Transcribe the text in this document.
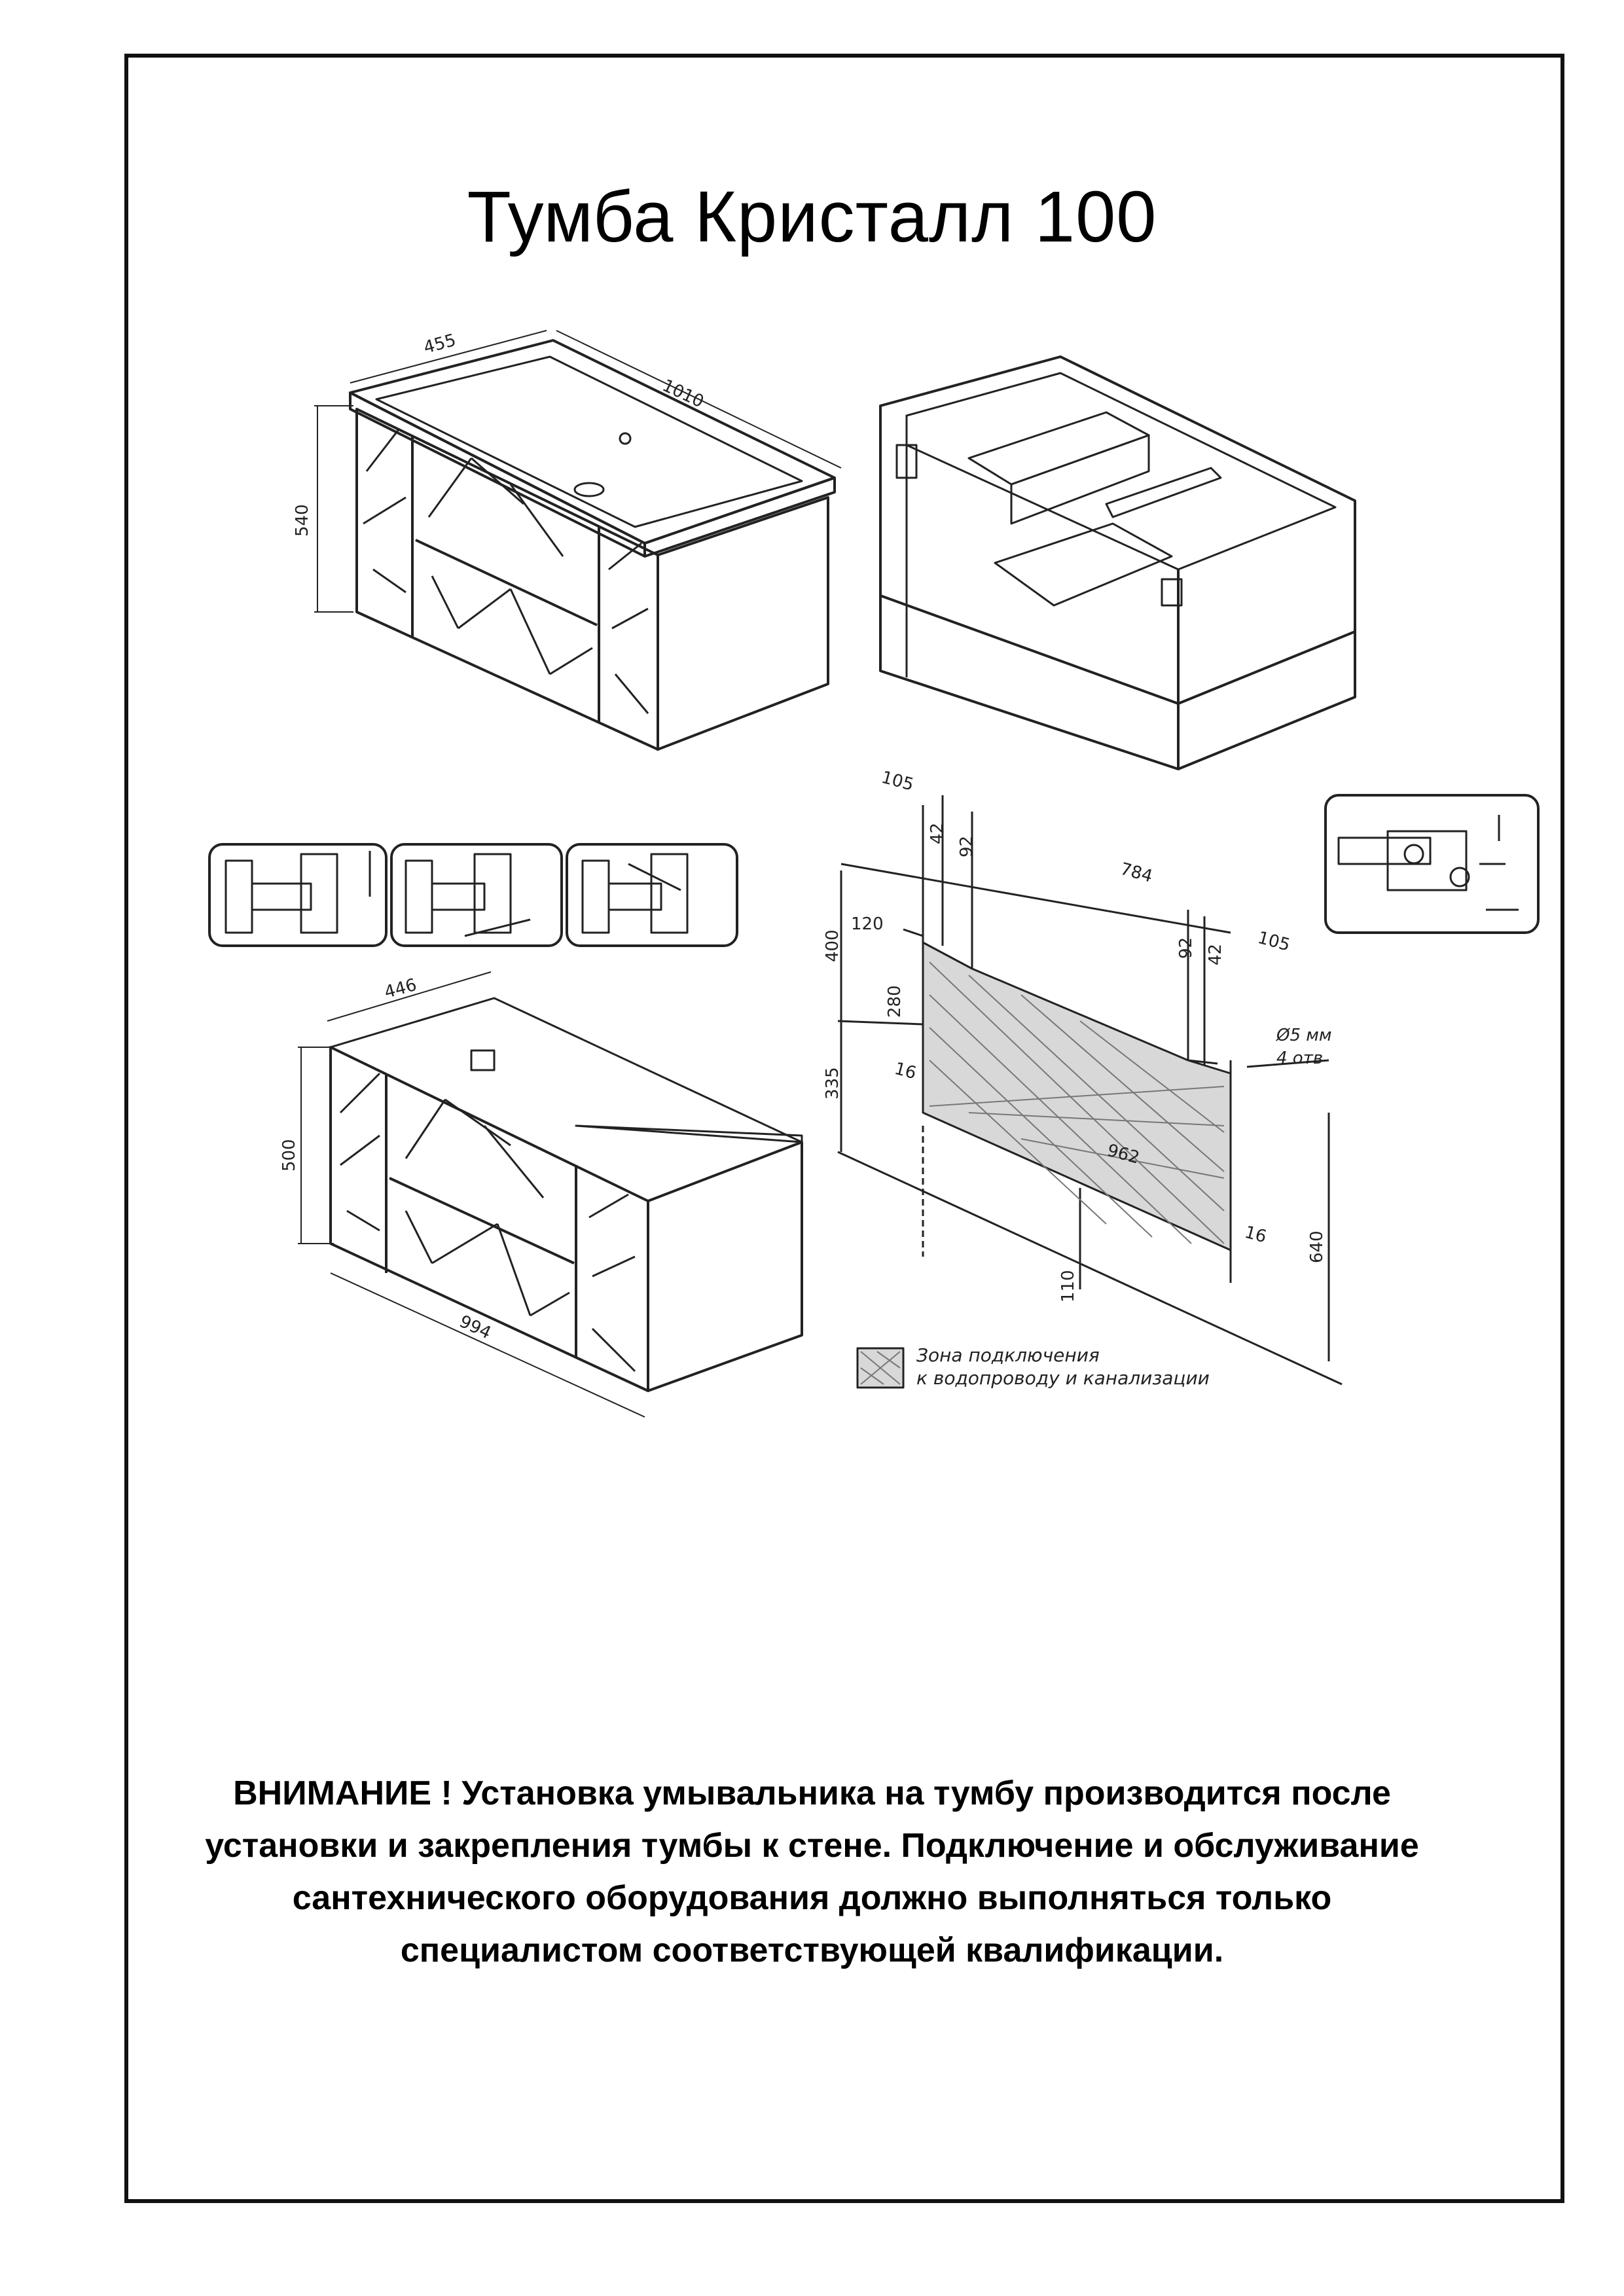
Тумба Кристалл 100
455
1010
540
446
500
994
105
42
92
784
92 42 105
120
400
280
335	16
16
962
640
110
Ø5 мм
4 отв
Зона подключения
к водопроводу и канализации
ВНИМАНИЕ ! Установка умывальника на тумбу производится после
установки и закрепления тумбы к стене. Подключение и обслуживание
сантехнического оборудования должно выполняться только
специалистом соответствующей квалификации.
